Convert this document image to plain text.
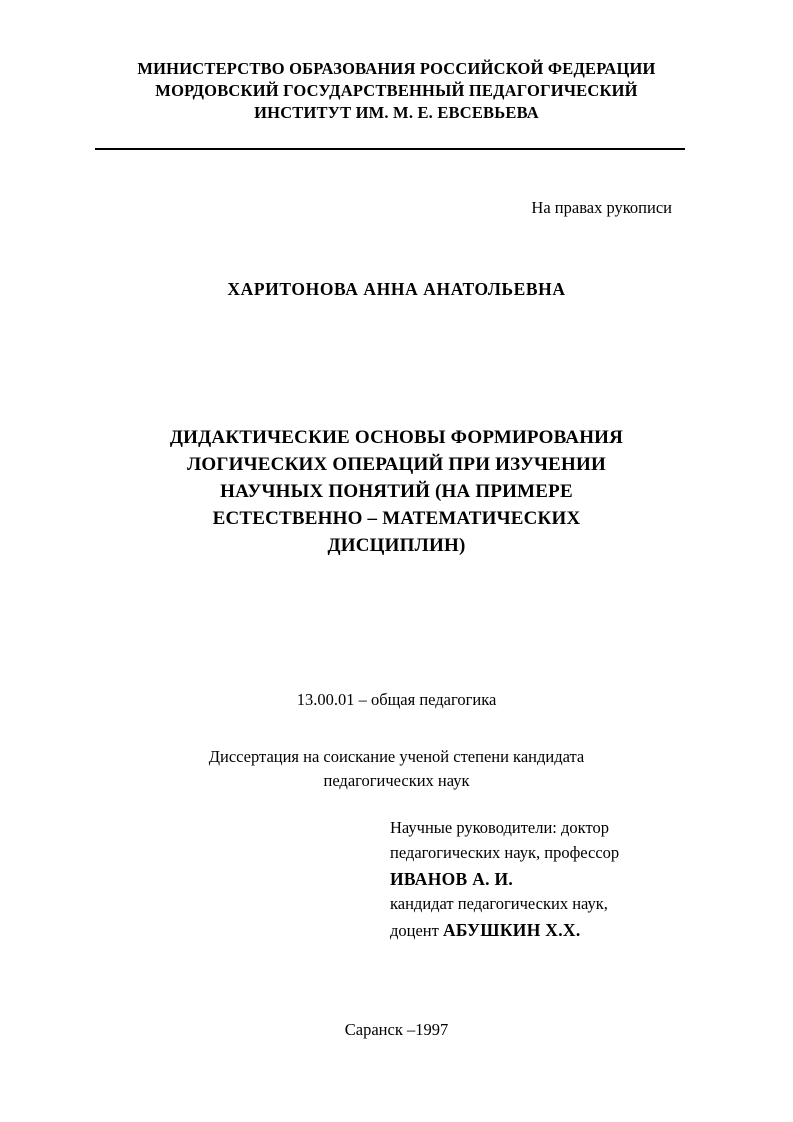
МИНИСТЕРСТВО ОБРАЗОВАНИЯ РОССИЙСКОЙ ФЕДЕРАЦИИ
МОРДОВСКИЙ ГОСУДАРСТВЕННЫЙ ПЕДАГОГИЧЕСКИЙ
ИНСТИТУТ ИМ. М. Е. ЕВСЕВЬЕВА
На правах рукописи
ХАРИТОНОВА АННА АНАТОЛЬЕВНА
ДИДАКТИЧЕСКИЕ ОСНОВЫ ФОРМИРОВАНИЯ
ЛОГИЧЕСКИХ ОПЕРАЦИЙ ПРИ ИЗУЧЕНИИ
НАУЧНЫХ ПОНЯТИЙ (НА ПРИМЕРЕ
ЕСТЕСТВЕННО – МАТЕМАТИЧЕСКИХ
ДИСЦИПЛИН)
13.00.01 – общая педагогика
Диссертация на соискание ученой степени кандидата
педагогических наук
Научные руководители: доктор
педагогических наук, профессор
ИВАНОВ А. И.
кандидат педагогических наук,
доцент АБУШКИН Х.Х.
Саранск –1997
